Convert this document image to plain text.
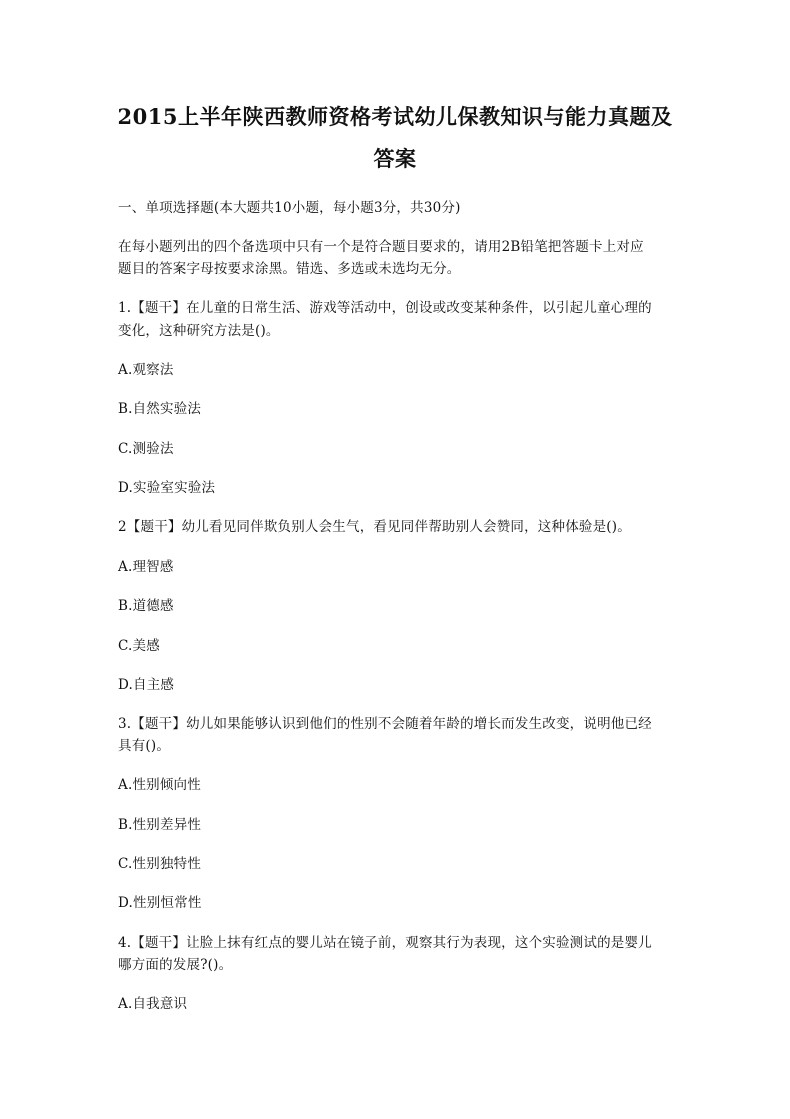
2015上半年陕西教师资格考试幼儿保教知识与能力真题及
答案
一、单项选择题(本大题共10小题，每小题3分，共30分)
在每小题列出的四个备选项中只有一个是符合题目要求的，请用2B铅笔把答题卡上对应
题目的答案字母按要求涂黑。错选、多选或未选均无分。
1.【题干】在儿童的日常生活、游戏等活动中，创设或改变某种条件，以引起儿童心理的
变化，这种研究方法是()。
A.观察法
B.自然实验法
C.测验法
D.实验室实验法
2【题干】幼儿看见同伴欺负别人会生气，看见同伴帮助别人会赞同，这种体验是()。
A.理智感
B.道德感
C.美感
D.自主感
3.【题干】幼儿如果能够认识到他们的性别不会随着年龄的增长而发生改变，说明他已经
具有()。
A.性别倾向性
B.性别差异性
C.性别独特性
D.性别恒常性
4.【题干】让脸上抹有红点的婴儿站在镜子前，观察其行为表现，这个实验测试的是婴儿
哪方面的发展?()。
A.自我意识
